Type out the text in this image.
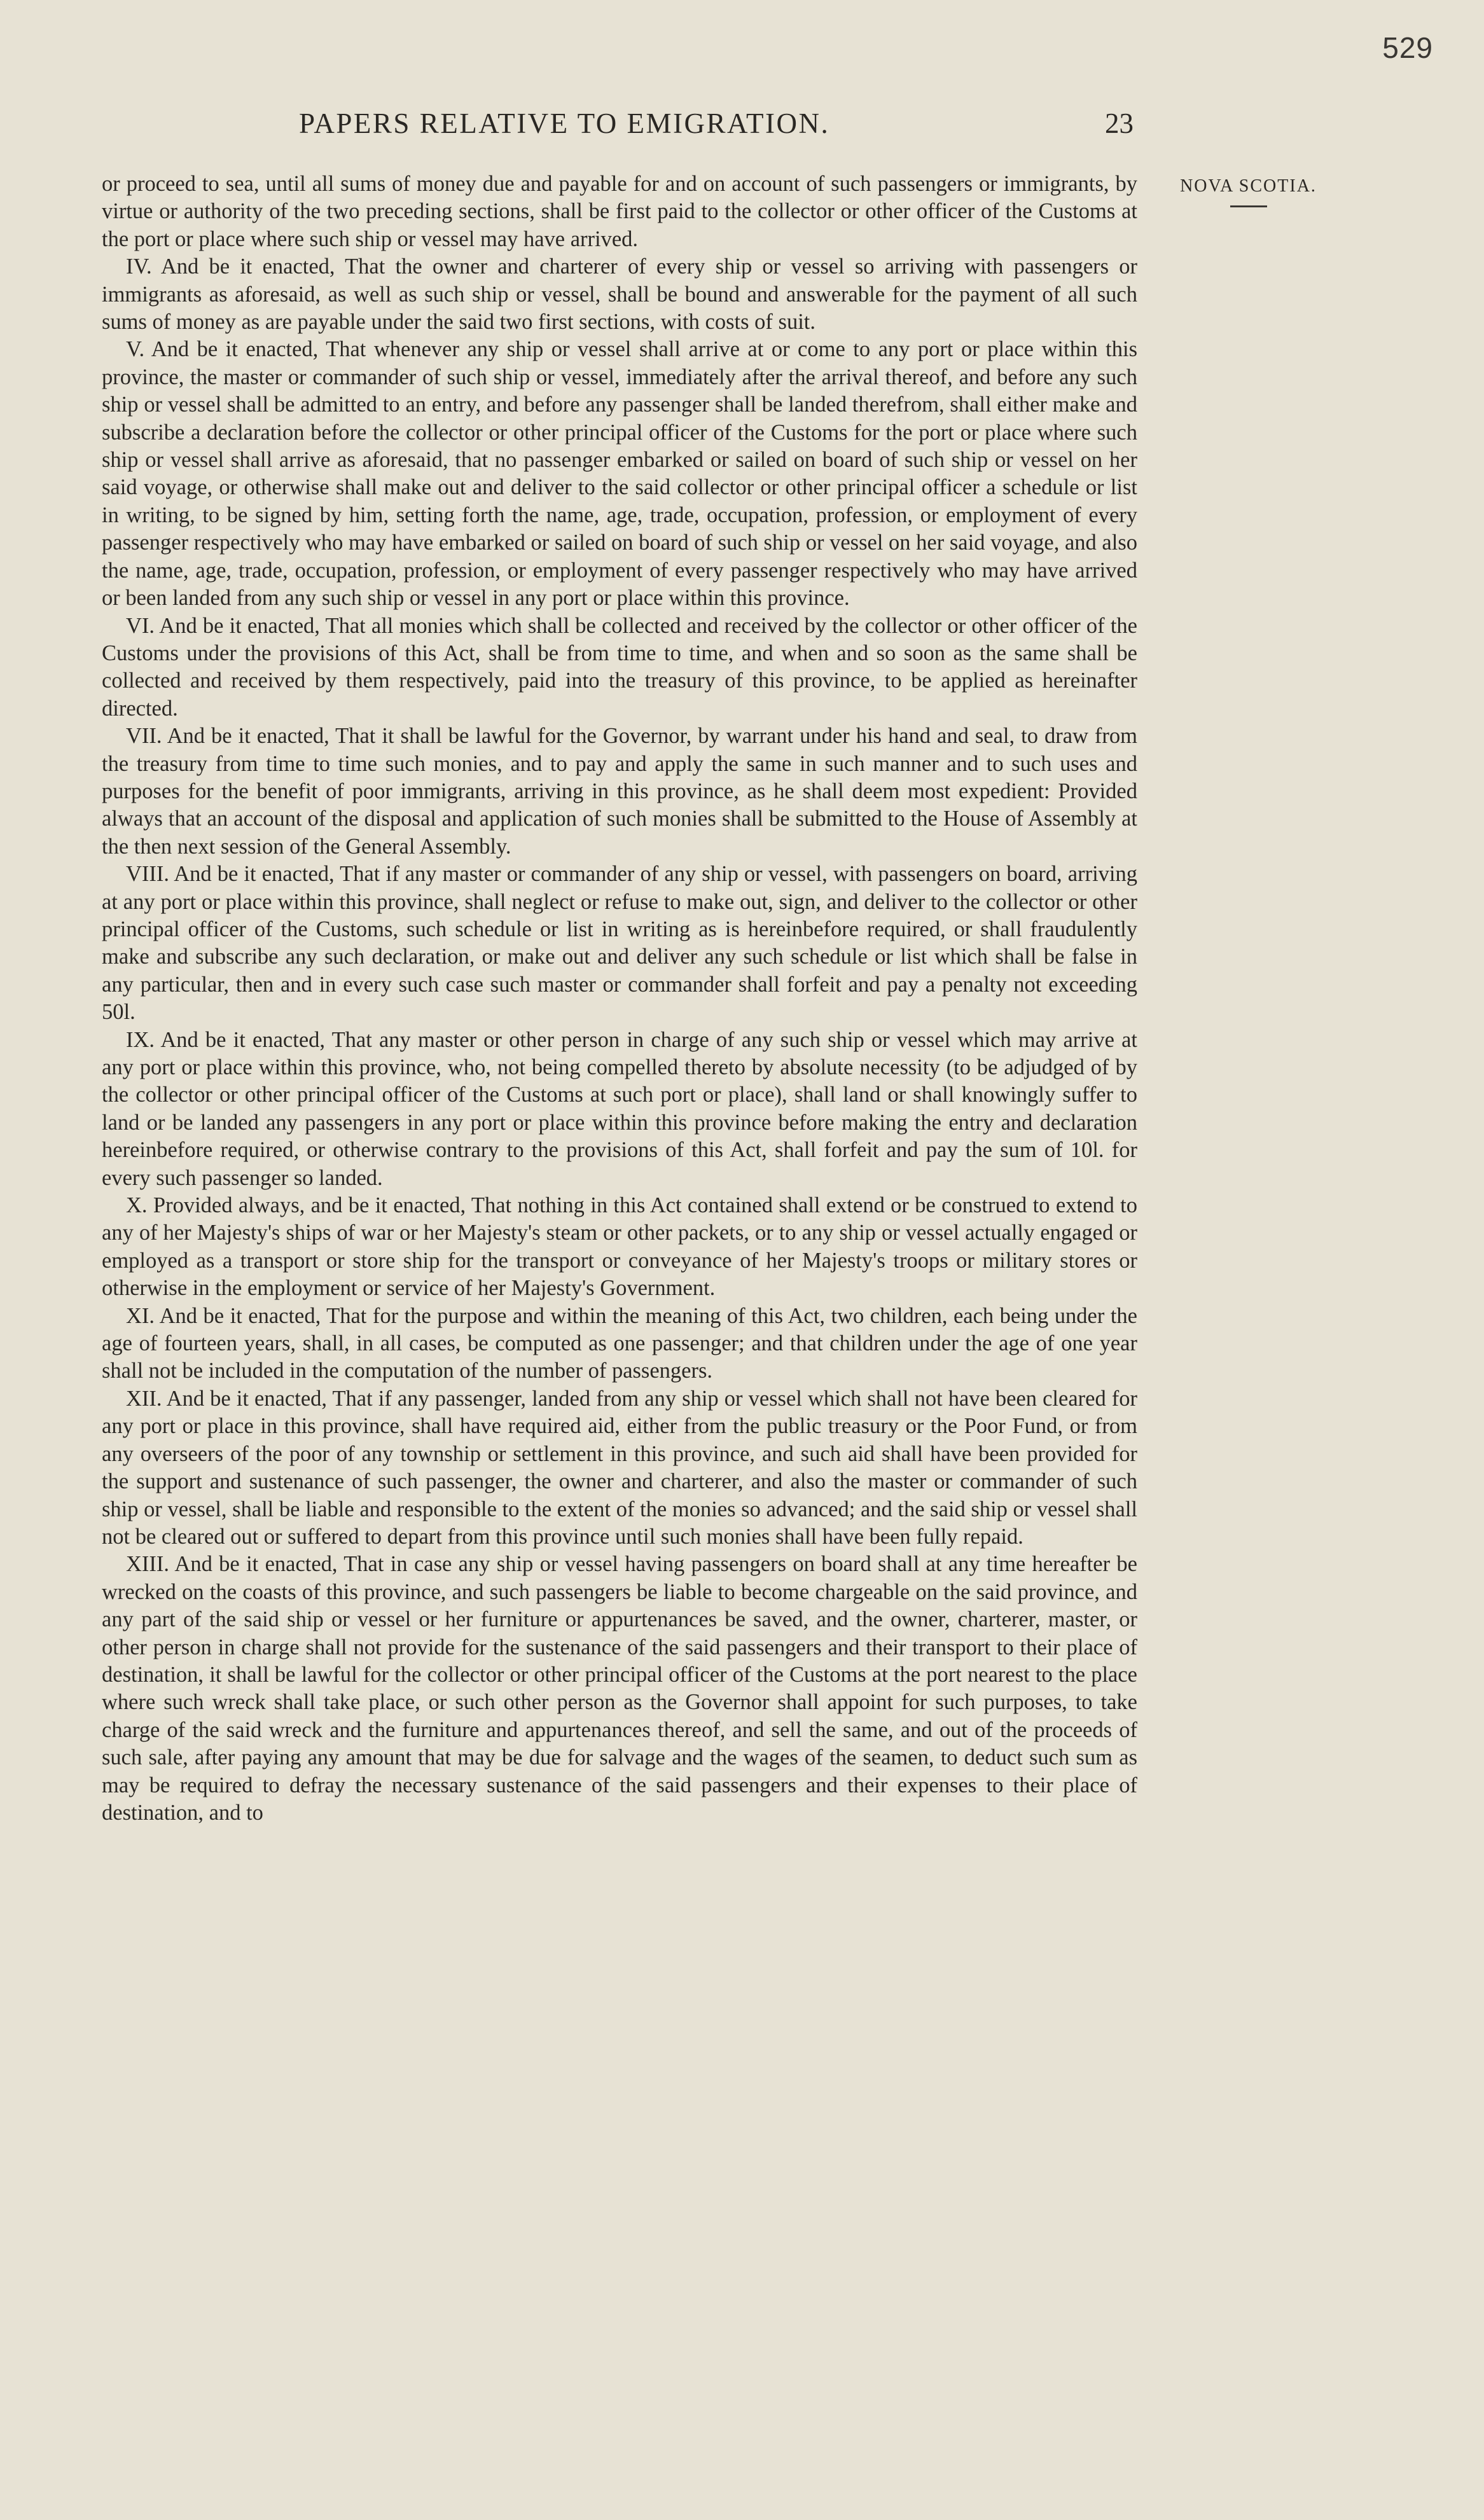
529
PAPERS RELATIVE TO EMIGRATION.	23
NOVA SCOTIA.

or proceed to sea, until all sums of money due and payable for and on account of such passengers or immigrants, by virtue or authority of the two preceding sections, shall be first paid to the collector or other officer of the Customs at the port or place where such ship or vessel may have arrived.

IV. And be it enacted, That the owner and charterer of every ship or vessel so arriving with passengers or immigrants as aforesaid, as well as such ship or vessel, shall be bound and answerable for the payment of all such sums of money as are payable under the said two first sections, with costs of suit.

V. And be it enacted, That whenever any ship or vessel shall arrive at or come to any port or place within this province, the master or commander of such ship or vessel, immediately after the arrival thereof, and before any such ship or vessel shall be admitted to an entry, and before any passenger shall be landed therefrom, shall either make and subscribe a declaration before the collector or other principal officer of the Customs for the port or place where such ship or vessel shall arrive as aforesaid, that no passenger embarked or sailed on board of such ship or vessel on her said voyage, or otherwise shall make out and deliver to the said collector or other principal officer a schedule or list in writing, to be signed by him, setting forth the name, age, trade, occupation, profession, or employment of every passenger respectively who may have embarked or sailed on board of such ship or vessel on her said voyage, and also the name, age, trade, occupation, profession, or employment of every passenger respectively who may have arrived or been landed from any such ship or vessel in any port or place within this province.

VI. And be it enacted, That all monies which shall be collected and received by the collector or other officer of the Customs under the provisions of this Act, shall be from time to time, and when and so soon as the same shall be collected and received by them respectively, paid into the treasury of this province, to be applied as hereinafter directed.

VII. And be it enacted, That it shall be lawful for the Governor, by warrant under his hand and seal, to draw from the treasury from time to time such monies, and to pay and apply the same in such manner and to such uses and purposes for the benefit of poor immigrants, arriving in this province, as he shall deem most expedient: Provided always that an account of the disposal and application of such monies shall be submitted to the House of Assembly at the then next session of the General Assembly.

VIII. And be it enacted, That if any master or commander of any ship or vessel, with passengers on board, arriving at any port or place within this province, shall neglect or refuse to make out, sign, and deliver to the collector or other principal officer of the Customs, such schedule or list in writing as is hereinbefore required, or shall fraudulently make and subscribe any such declaration, or make out and deliver any such schedule or list which shall be false in any particular, then and in every such case such master or commander shall forfeit and pay a penalty not exceeding 50l.

IX. And be it enacted, That any master or other person in charge of any such ship or vessel which may arrive at any port or place within this province, who, not being compelled thereto by absolute necessity (to be adjudged of by the collector or other principal officer of the Customs at such port or place), shall land or shall knowingly suffer to land or be landed any passengers in any port or place within this province before making the entry and declaration hereinbefore required, or otherwise contrary to the provisions of this Act, shall forfeit and pay the sum of 10l. for every such passenger so landed.

X. Provided always, and be it enacted, That nothing in this Act contained shall extend or be construed to extend to any of her Majesty's ships of war or her Majesty's steam or other packets, or to any ship or vessel actually engaged or employed as a transport or store ship for the transport or conveyance of her Majesty's troops or military stores or otherwise in the employment or service of her Majesty's Government.

XI. And be it enacted, That for the purpose and within the meaning of this Act, two children, each being under the age of fourteen years, shall, in all cases, be computed as one passenger; and that children under the age of one year shall not be included in the computation of the number of passengers.

XII. And be it enacted, That if any passenger, landed from any ship or vessel which shall not have been cleared for any port or place in this province, shall have required aid, either from the public treasury or the Poor Fund, or from any overseers of the poor of any township or settlement in this province, and such aid shall have been provided for the support and sustenance of such passenger, the owner and charterer, and also the master or commander of such ship or vessel, shall be liable and responsible to the extent of the monies so advanced; and the said ship or vessel shall not be cleared out or suffered to depart from this province until such monies shall have been fully repaid.

XIII. And be it enacted, That in case any ship or vessel having passengers on board shall at any time hereafter be wrecked on the coasts of this province, and such passengers be liable to become chargeable on the said province, and any part of the said ship or vessel or her furniture or appurtenances be saved, and the owner, charterer, master, or other person in charge shall not provide for the sustenance of the said passengers and their transport to their place of destination, it shall be lawful for the collector or other principal officer of the Customs at the port nearest to the place where such wreck shall take place, or such other person as the Governor shall appoint for such purposes, to take charge of the said wreck and the furniture and appurtenances thereof, and sell the same, and out of the proceeds of such sale, after paying any amount that may be due for salvage and the wages of the seamen, to deduct such sum as may be required to defray the necessary sustenance of the said passengers and their expenses to their place of destination, and to
